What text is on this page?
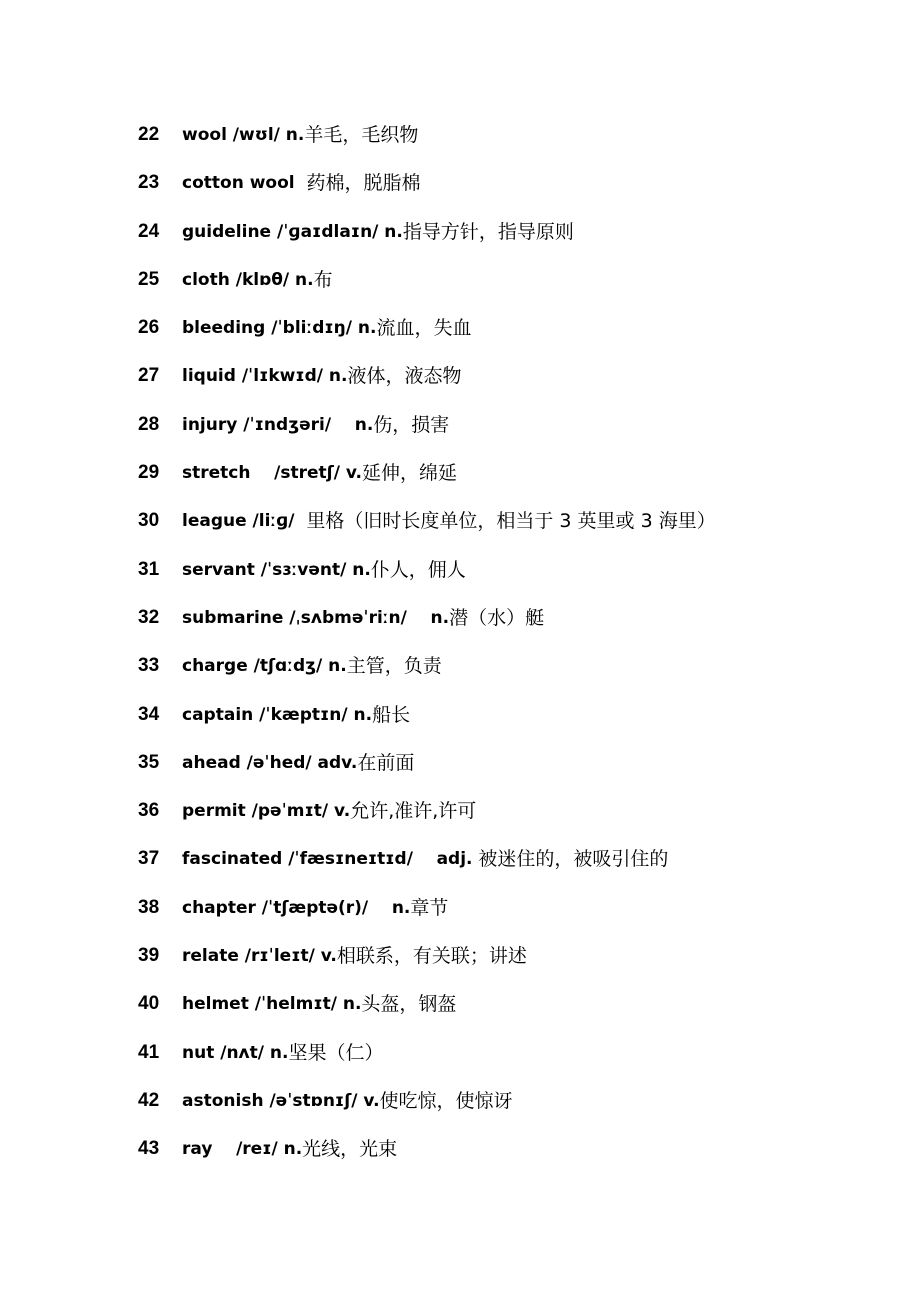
22	wool /wʊl/ n. 羊毛，毛织物
23	cotton wool 药棉，脱脂棉
24	guideline /ˈɡaɪdlaɪn/ n. 指导方针，指导原则
25	cloth /klɒθ/ n. 布
26	bleeding /ˈbliːdɪŋ/ n. 流血，失血
27	liquid /ˈlɪkwɪd/ n. 液体，液态物
28	injury /ˈɪndʒəri/    n. 伤，损害
29	stretch    /stretʃ/ v. 延伸，绵延
30	league /liːɡ/ 里格（旧时长度单位，相当于 3 英里或 3 海里）
31	servant /ˈsɜːvənt/ n. 仆人，佣人
32	submarine /ˌsʌbməˈriːn/    n. 潜（水）艇
33	charge /tʃɑːdʒ/ n. 主管，负责
34	captain /ˈkæptɪn/ n. 船长
35	ahead /əˈhed/ adv. 在前面
36	permit /pəˈmɪt/ v. 允许,准许,许可
37	fascinated /ˈfæsɪneɪtɪd/    adj. 被迷住的，被吸引住的
38	chapter /ˈtʃæptə(r)/    n. 章节
39	relate /rɪˈleɪt/ v. 相联系，有关联；讲述
40	helmet /ˈhelmɪt/ n. 头盔，钢盔
41	nut /nʌt/ n. 坚果（仁）
42	astonish /əˈstɒnɪʃ/ v. 使吃惊，使惊讶
43	ray    /reɪ/ n. 光线，光束
